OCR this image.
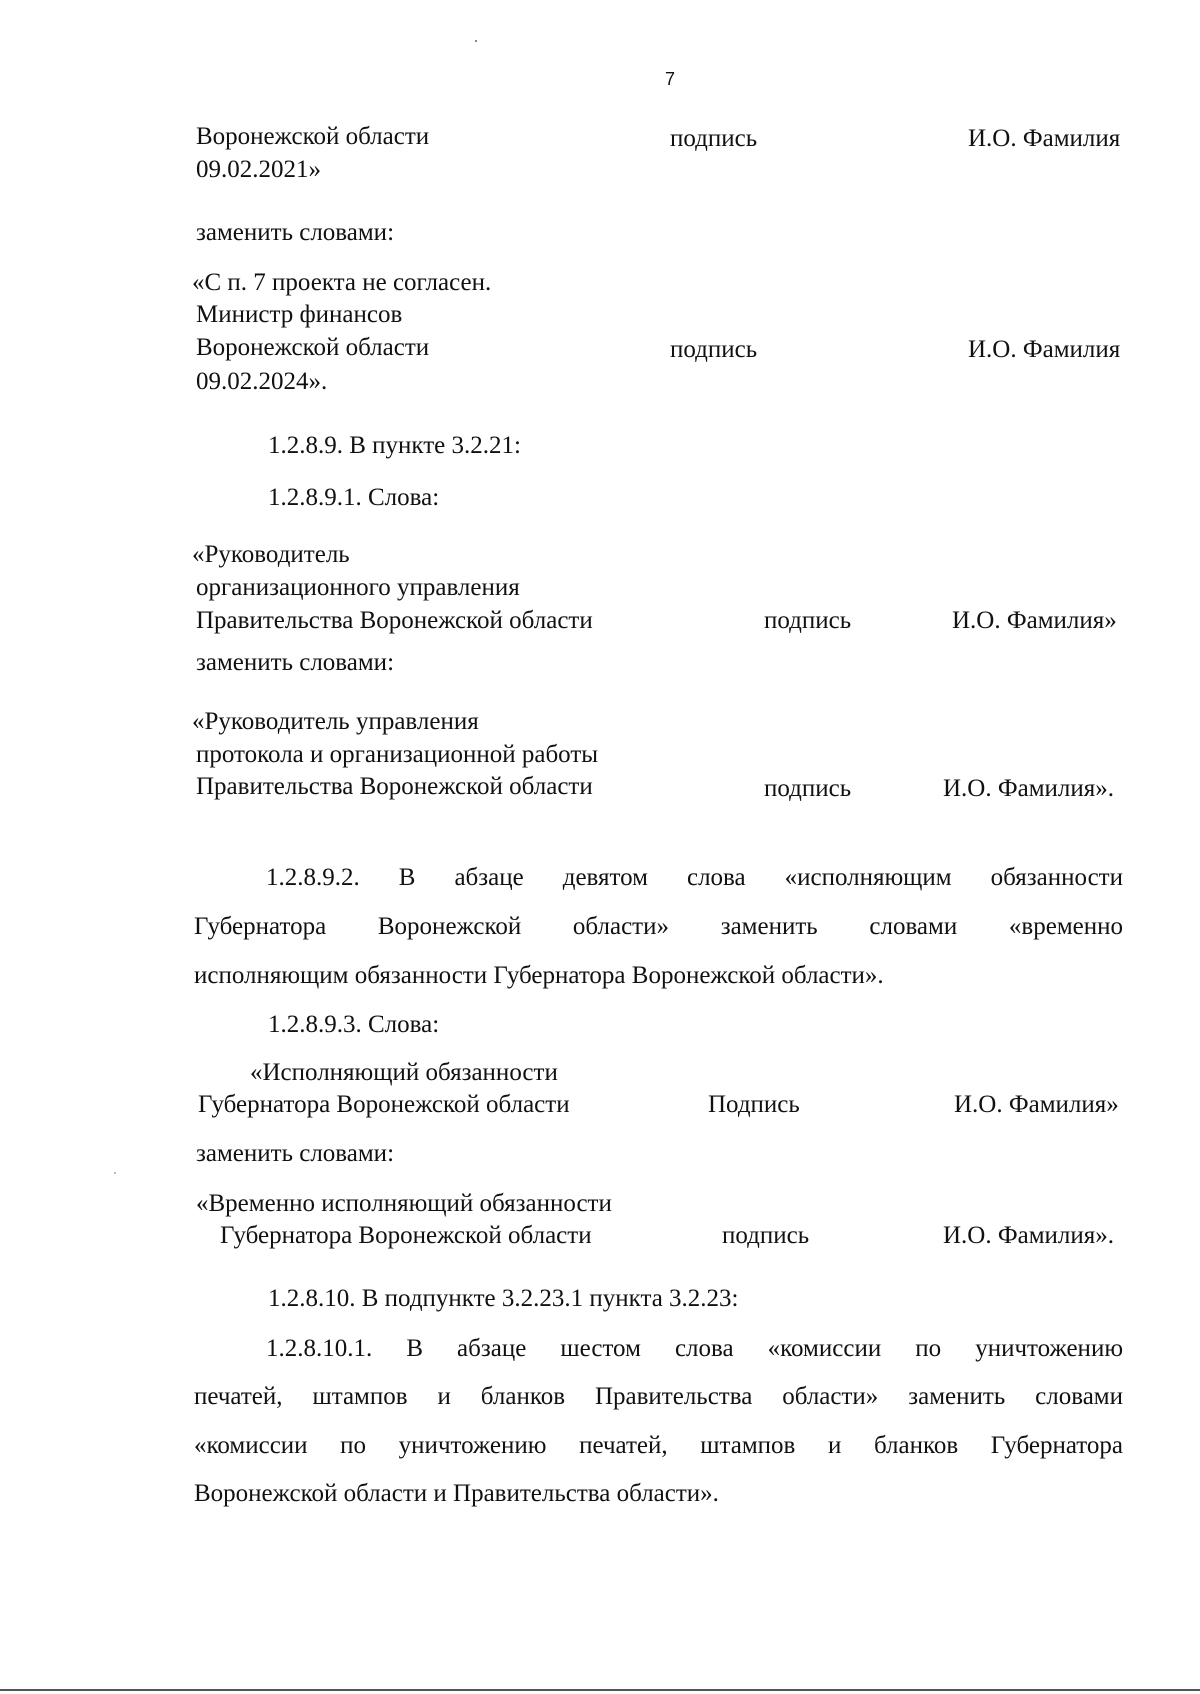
7
Воронежской области
09.02.2021»
подпись	И.О. Фамилия
заменить словами:
«С п. 7 проекта не согласен.
Министр финансов
Воронежской области
09.02.2024».
подпись	И.О. Фамилия
1.2.8.9. В пункте 3.2.21:
1.2.8.9.1. Слова:
«Руководитель
организационного управления
Правительства Воронежской области	подпись	И.О. Фамилия»
заменить словами:
«Руководитель управления
протокола и организационной работы
Правительства Воронежской области	подпись	И.О. Фамилия».
1.2.8.9.2. В абзаце девятом слова «исполняющим обязанности
Губернатора Воронежской области» заменить словами «временно
исполняющим обязанности Губернатора Воронежской области».
1.2.8.9.3. Слова:
«Исполняющий обязанности
Губернатора Воронежской области	Подпись	И.О. Фамилия»
заменить словами:
«Временно исполняющий обязанности
Губернатора Воронежской области	подпись	И.О. Фамилия».
1.2.8.10. В подпункте 3.2.23.1 пункта 3.2.23:
1.2.8.10.1. В абзаце шестом слова «комиссии по уничтожению
печатей, штампов и бланков Правительства области» заменить словами
«комиссии по уничтожению печатей, штампов и бланков Губернатора
Воронежской области и Правительства области».
